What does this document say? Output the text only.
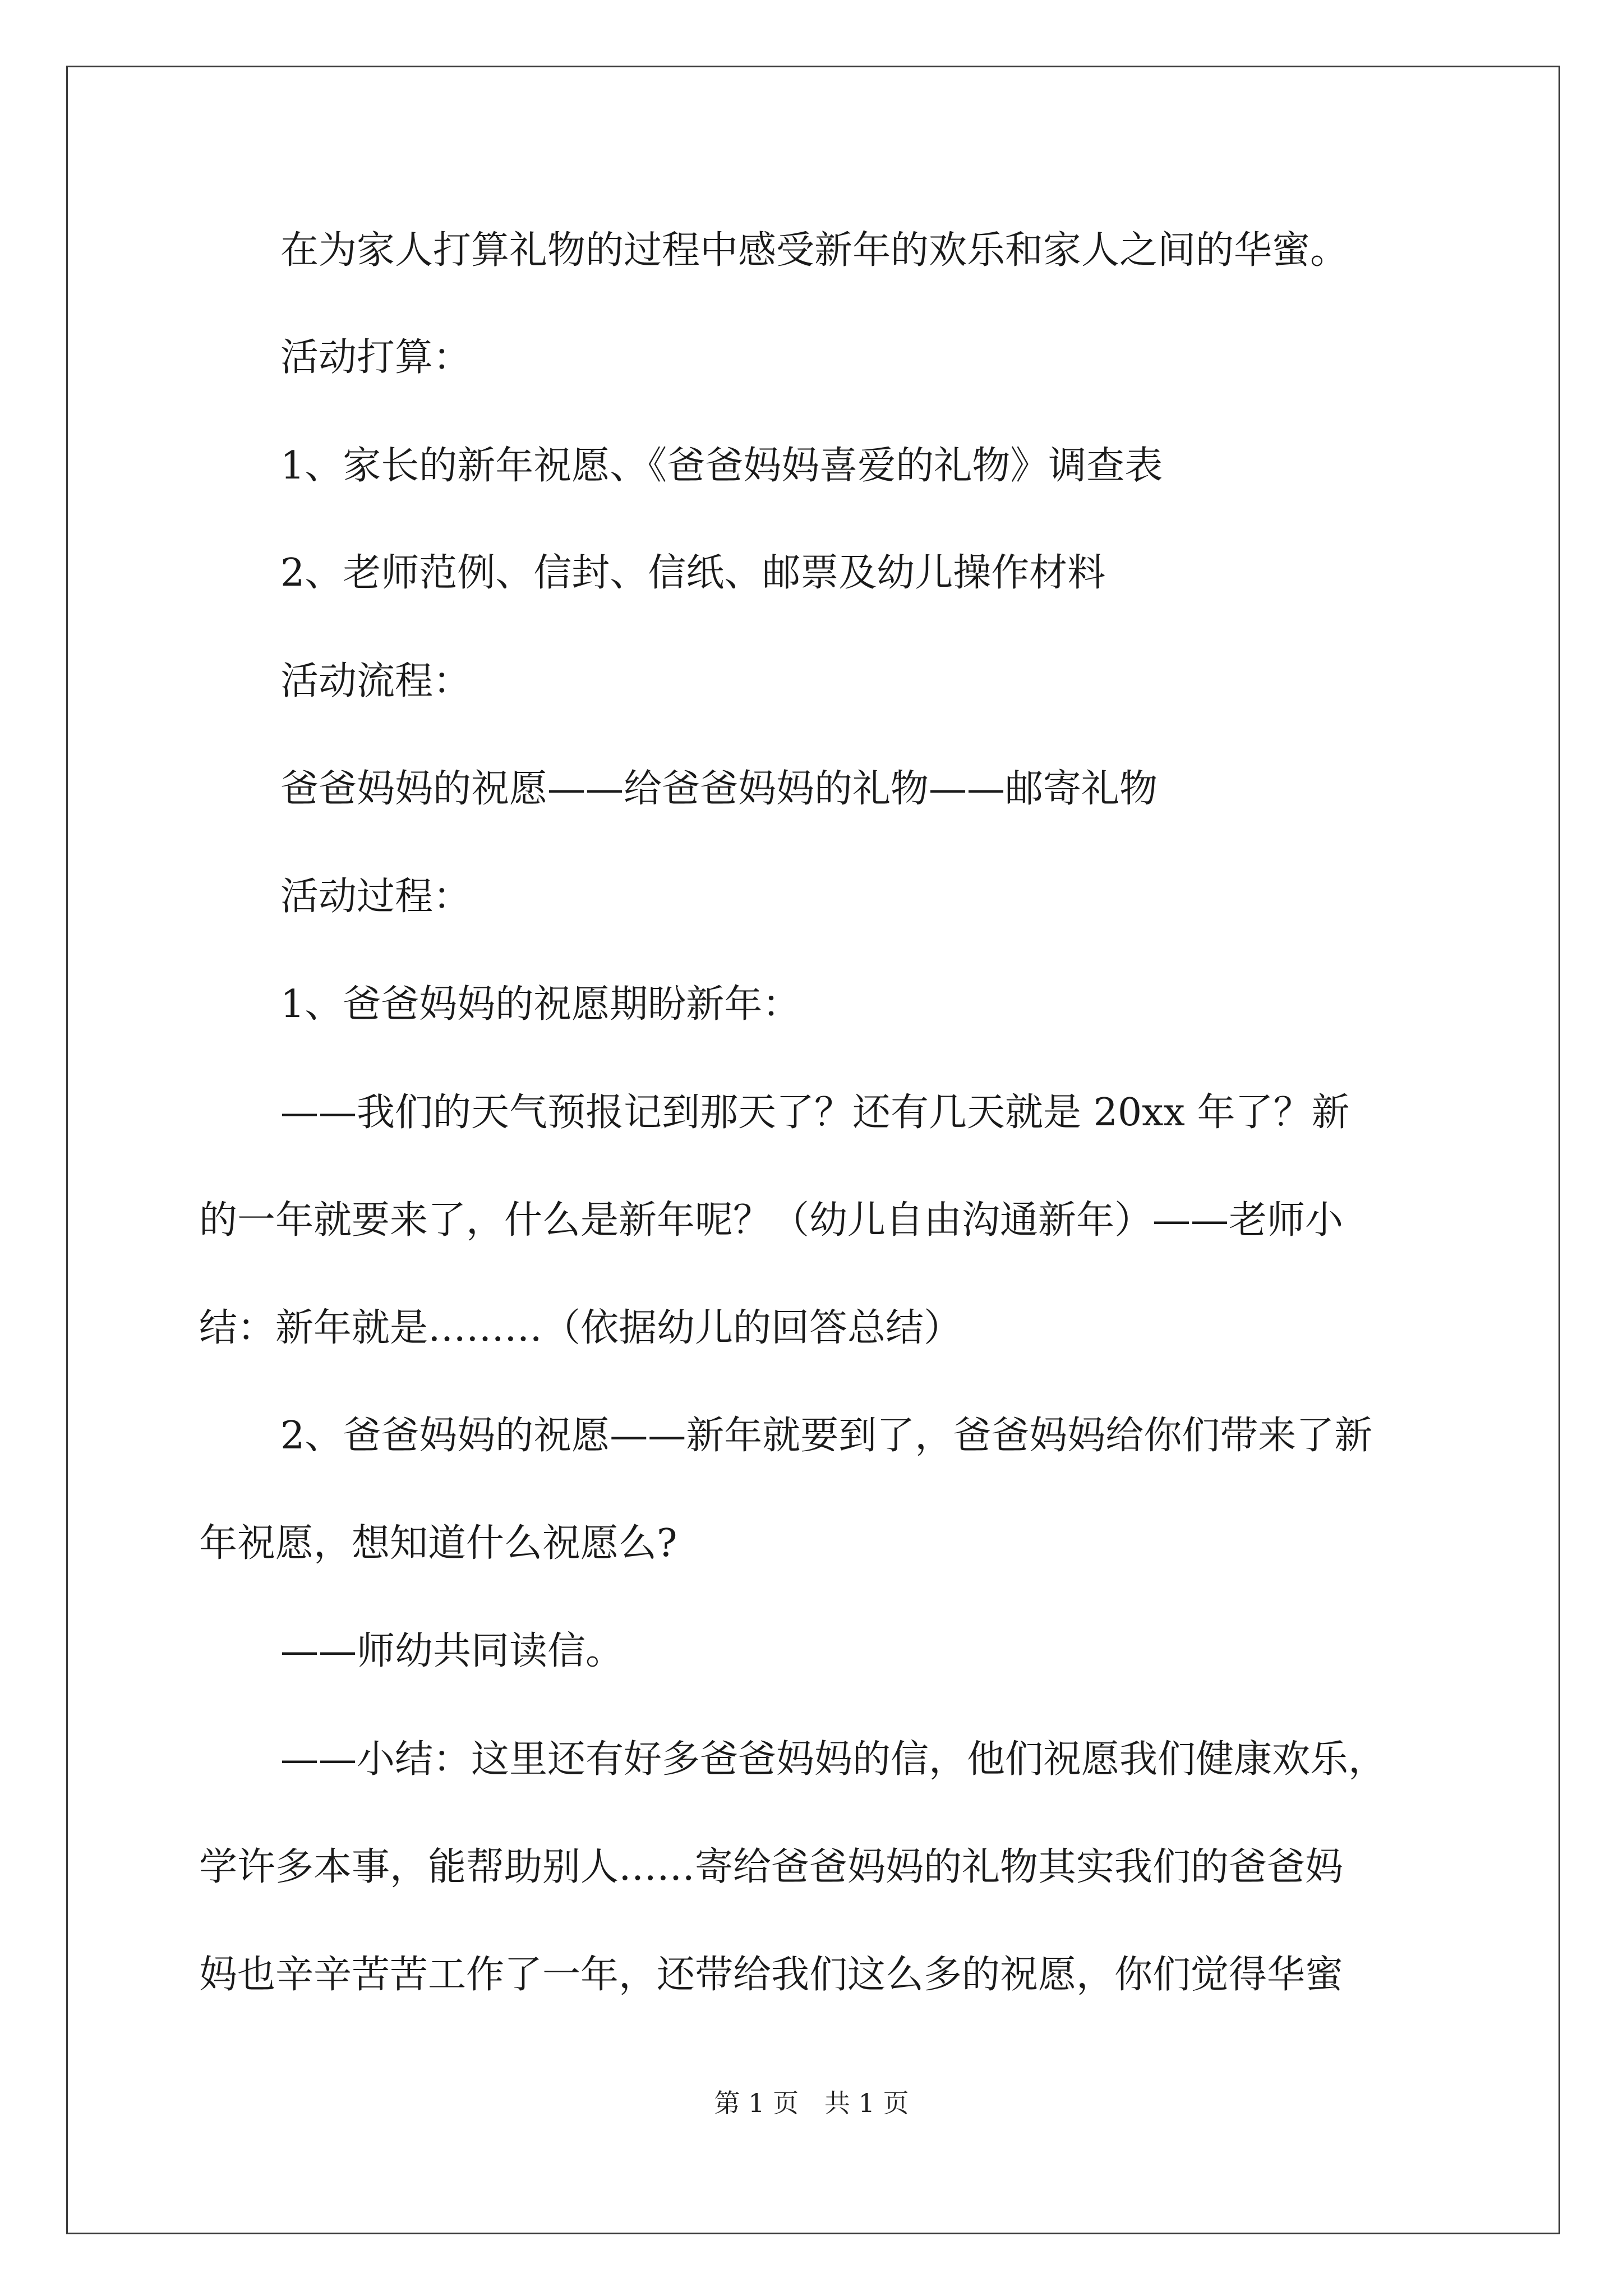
在为家人打算礼物的过程中感受新年的欢乐和家人之间的华蜜。
活动打算：
1、家长的新年祝愿、《爸爸妈妈喜爱的礼物》调查表
2、老师范例、信封、信纸、邮票及幼儿操作材料
活动流程：
爸爸妈妈的祝愿——给爸爸妈妈的礼物——邮寄礼物
活动过程：
1、爸爸妈妈的祝愿期盼新年：
——我们的天气预报记到那天了？还有几天就是 20xx 年了？新
的一年就要来了，什么是新年呢？（幼儿自由沟通新年）——老师小
结：新年就是………（依据幼儿的回答总结）
2、爸爸妈妈的祝愿——新年就要到了，爸爸妈妈给你们带来了新
年祝愿，想知道什么祝愿么?
——师幼共同读信。
——小结：这里还有好多爸爸妈妈的信，他们祝愿我们健康欢乐，
学许多本事，能帮助别人……寄给爸爸妈妈的礼物其实我们的爸爸妈
妈也辛辛苦苦工作了一年，还带给我们这么多的祝愿，你们觉得华蜜
第 1 页　共 1 页
